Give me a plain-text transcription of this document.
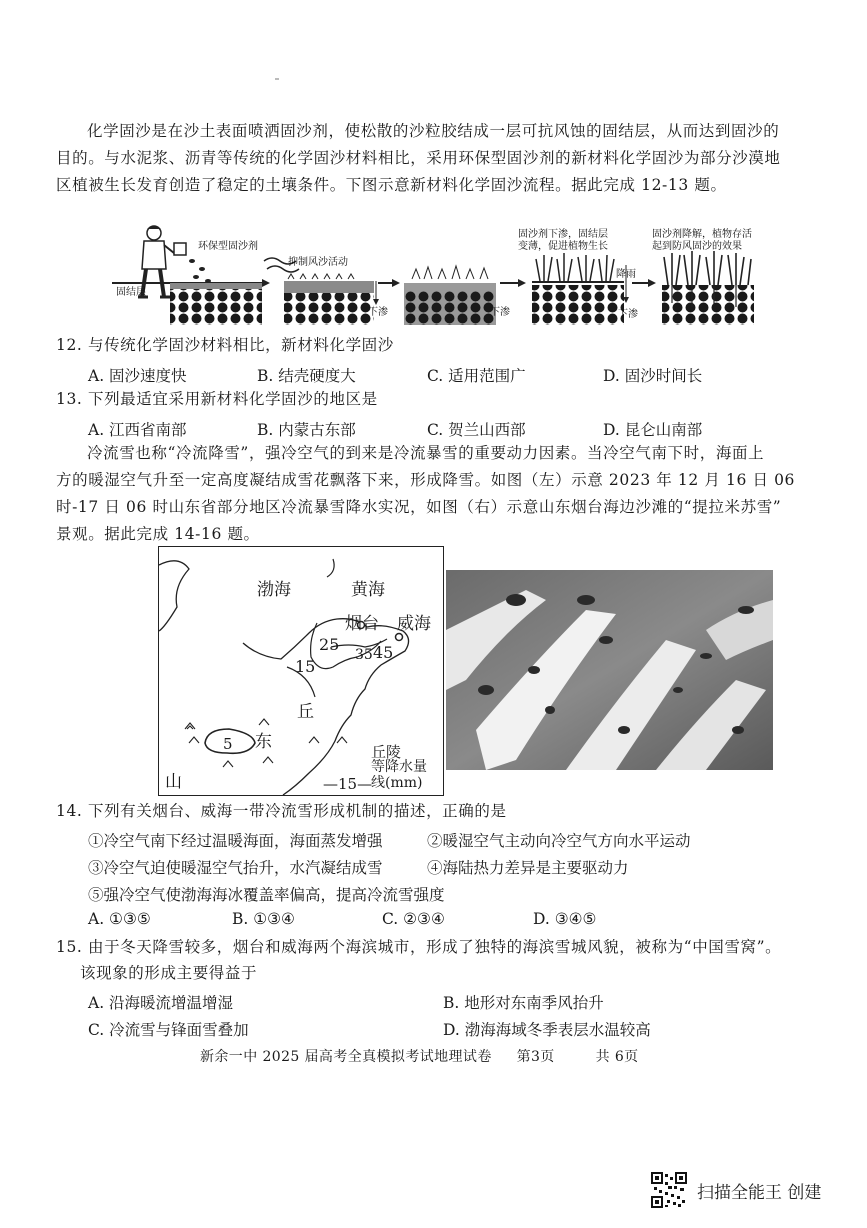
化学固沙是在沙土表面喷洒固沙剂，使松散的沙粒胶结成一层可抗风蚀的固结层，从而达到固沙的
目的。与水泥浆、沥青等传统的化学固沙材料相比，采用环保型固沙剂的新材料化学固沙为部分沙漠地
区植被生长发育创造了稳定的土壤条件。下图示意新材料化学固沙流程。据此完成 12-13 题。
环保型固沙剂
固结层
抑制风沙活动
下渗	下渗
固沙剂下渗，固结层
变薄，促进植物生长
降雨
下渗
固沙剂降解，植物存活
起到防风固沙的效果
12. 与传统化学固沙材料相比，新材料化学固沙
A. 固沙速度快	B. 结壳硬度大	C. 适用范围广	D. 固沙时间长
13. 下列最适宜采用新材料化学固沙的地区是
A. 江西省南部	B. 内蒙古东部	C. 贺兰山西部	D. 昆仑山南部
冷流雪也称“冷流降雪”，强冷空气的到来是冷流暴雪的重要动力因素。当冷空气南下时，海面上
方的暖湿空气升至一定高度凝结成雪花飘落下来，形成降雪。如图（左）示意 2023 年 12 月 16 日 06
时-17 日 06 时山东省部分地区冷流暴雪降水实况，如图（右）示意山东烟台海边沙滩的“提拉米苏雪”
景观。据此完成 14-16 题。
渤海	黄海
烟台 威海
25
35 45
15
5
丘
东
山
丘陵
等降水量
线(mm)
—15—
14. 下列有关烟台、威海一带冷流雪形成机制的描述，正确的是
①冷空气南下经过温暖海面，海面蒸发增强	②暖湿空气主动向冷空气方向水平运动
③冷空气迫使暖湿空气抬升，水汽凝结成雪	④海陆热力差异是主要驱动力
⑤强冷空气使渤海海冰覆盖率偏高，提高冷流雪强度
A. ①③⑤	B. ①③④	C. ②③④	D. ③④⑤
15. 由于冬天降雪较多，烟台和威海两个海滨城市，形成了独特的海滨雪城风貌，被称为“中国雪窝”。
该现象的形成主要得益于
A. 沿海暖流增温增湿	B. 地形对东南季风抬升
C. 冷流雪与锋面雪叠加	D. 渤海海域冬季表层水温较高
新余一中 2025 届高考全真模拟考试地理试卷 第3页	共 6页
扫描全能王 创建
